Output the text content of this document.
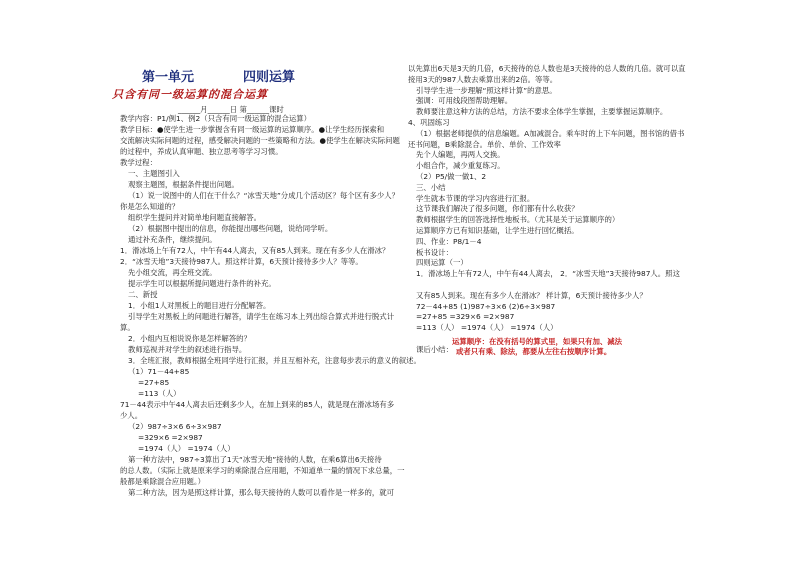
第一单元	四则运算
只含有同一级运算的混合运算
______月______日 第______课时
教学内容：P1/例1、例2（只含有同一级运算的混合运算）
教学目标：●使学生进一步掌握含有同一级运算的运算顺序。●让学生经历探索和
交流解决实际问题的过程，感受解决问题的一些策略和方法。●使学生在解决实际问题
的过程中，养成认真审题、独立思考等学习习惯。
教学过程：
一、主题图引入
观察主题图，根据条件提出问题。
（1）说一说图中的人们在干什么？“冰雪天地”分成几个活动区？每个区有多少人？
你是怎么知道的？
组织学生提问并对简单地问题直接解答。
（2）根据图中提出的信息，你能提出哪些问题，说给同学听。
通过补充条件，继续提问。
1．滑冰场上午有72人，中午有44人离去，又有85人到来。现在有多少人在滑冰？
2．“冰雪天地”3天接待987人。照这样计算，6天预计接待多少人？等等。
先小组交流，再全班交流。
提示学生可以根据所提问题进行条件的补充。
二、新授
1．小组1人对黑板上的题目进行分配解答。
引导学生对黑板上的问题进行解答，请学生在练习本上列出综合算式并进行脱式计
算。
2．小组内互相说说你是怎样解答的？
教师巡视并对学生的叙述进行指导。
3．全班汇报，教师根据全班同学进行汇报，并且互相补充，注意每步表示的意义的叙述。
（1）71－44+85
=27+85
=113（人）
71－44表示中午44人离去后还剩多少人，在加上到来的85人，就是现在滑冰场有多
少人。
（2）987÷3×6 6÷3×987
=329×6 =2×987
=1974（人） =1974（人）
第一种方法中，987÷3算出了1天“冰雪天地”接待的人数，在乘6算出6天接待
的总人数。（实际上就是原来学习的乘除混合应用题，不知道单一量的情况下求总量，一
般都是乘除混合应用题。）
第二种方法，因为是照这样计算，那么每天接待的人数可以看作是一样多的，就可
以先算出6天是3天的几倍，6天接待的总人数也是3天接待的总人数的几倍。就可以直
接用3天的987人数去乘算出来的2倍。等等。
引导学生进一步理解“照这样计算”的意思。
强调：可用线段图帮助理解。
教师要注意这种方法的总结，方法不要求全体学生掌握，主要掌握运算顺序。
4、巩固练习
（1）根据老师提供的信息编题。A加减混合。乘车时的上下车问题，图书馆的借书
还书问题，B乘除混合。单价、单价、工作效率
先个人编题，再两人交换。
小组合作，减少重复练习。
（2）P5/做一做1、2
三、小结
学生就本节课的学习内容进行汇报。
这节课我们解决了很多问题，你们都有什么收获？
教师根据学生的回答选择性地板书。（尤其是关于运算顺序的）
运算顺序方已有知识基础，让学生进行回忆概括。
四、作业：P8/1－4
板书设计：
四则运算（一）
1．滑冰场上午有72人，中午有44人离去， 2．“冰雪天地”3天接待987人。照这
又有85人到来。现在有多少人在滑冰？ 样计算，6天预计接待多少人？
72－44+85 (1)987÷3×6 (2)6÷3×987
=27+85 =329×6 =2×987
=113（人） =1974（人） =1974（人）
课后小结：
运算顺序：在没有括号的算式里，如果只有加、减法
或者只有乘、除法，都要从左往右按顺序计算。
